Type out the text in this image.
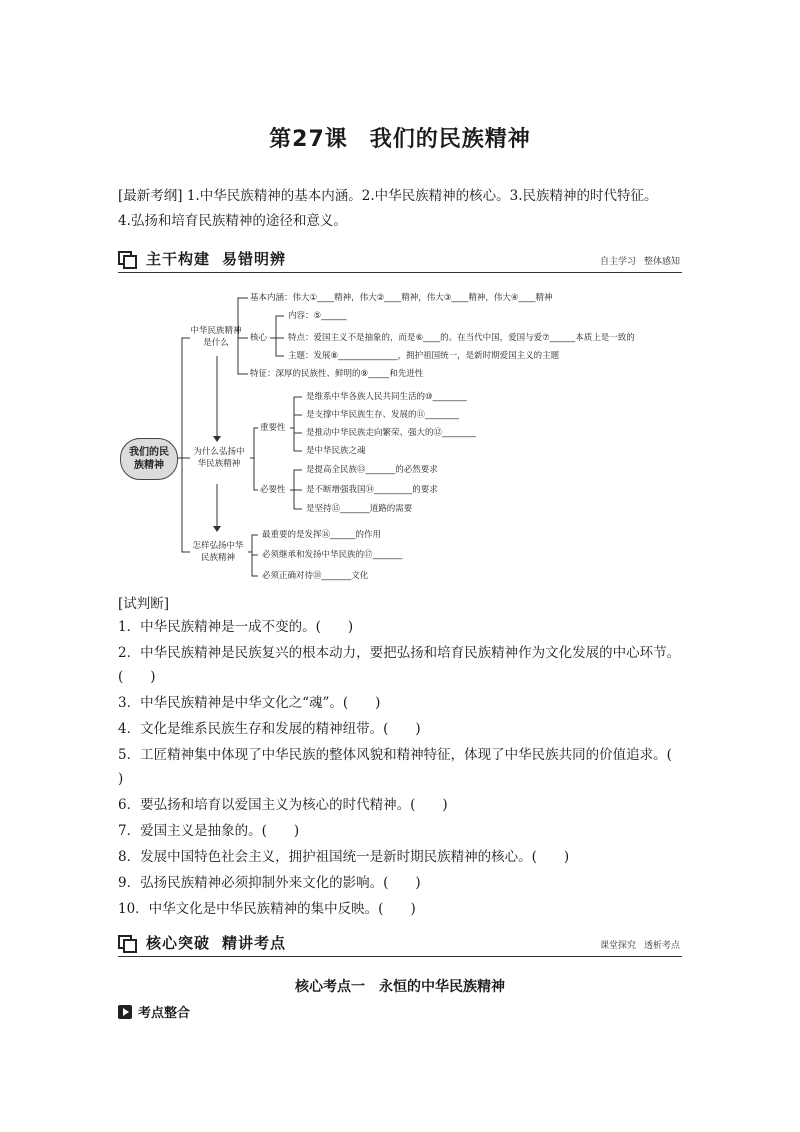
第27课 我们的民族精神
[最新考纲] 1.中华民族精神的基本内涵。2.中华民族精神的核心。3.民族精神的时代特征。
4.弘扬和培育民族精神的途径和意义。
主干构建 易错明辨	自主学习 整体感知
我们的民族精神
中华民族精神是什么
基本内涵：伟大①____精神，伟大②____精神，伟大③____精神，伟大④____精神
核心
内容：⑤______
特点：爱国主义不是抽象的，而是⑥____的。在当代中国，爱国与爱⑦______本质上是一致的
主题：发展⑧______________，拥护祖国统一，是新时期爱国主义的主题
特征：深厚的民族性、鲜明的⑨_____和先进性
为什么弘扬中华民族精神
重要性
是维系中华各族人民共同生活的⑩________
是支撑中华民族生存、发展的⑪________
是推动中华民族走向繁荣、强大的⑫________
是中华民族之魂
必要性
是提高全民族⑬_______的必然要求
是不断增强我国⑭_________的要求
是坚持⑮_______道路的需要
怎样弘扬中华民族精神
最重要的是发挥⑯______的作用
必须继承和发扬中华民族的⑰_______
必须正确对待⑱_______文化
[试判断]
1．中华民族精神是一成不变的。(　　)
2．中华民族精神是民族复兴的根本动力，要把弘扬和培育民族精神作为文化发展的中心环节。
(　　)
3．中华民族精神是中华文化之“魂”。(　　)
4．文化是维系民族生存和发展的精神纽带。(　　)
5．工匠精神集中体现了中华民族的整体风貌和精神特征，体现了中华民族共同的价值追求。(
)
6．要弘扬和培育以爱国主义为核心的时代精神。(　　)
7．爱国主义是抽象的。(　　)
8．发展中国特色社会主义，拥护祖国统一是新时期民族精神的核心。(　　)
9．弘扬民族精神必须抑制外来文化的影响。(　　)
10．中华文化是中华民族精神的集中反映。(　　)
核心突破 精讲考点	课堂探究 透析考点
核心考点一 永恒的中华民族精神
考点整合
